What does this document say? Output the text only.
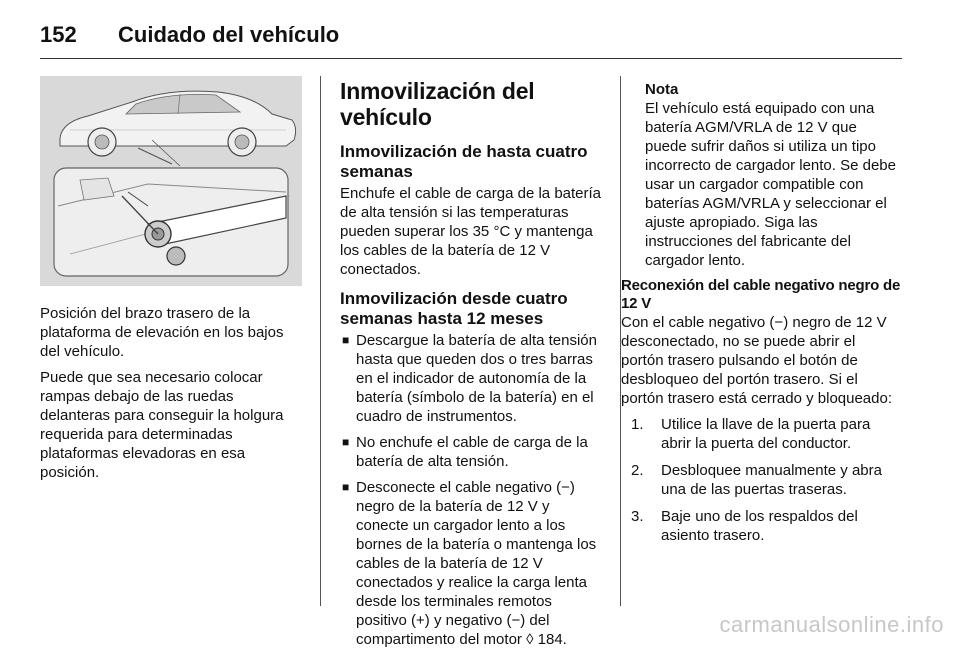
152 Cuidado del vehículo

Posición del brazo trasero de la plataforma de elevación en los bajos del vehículo.

Puede que sea necesario colocar rampas debajo de las ruedas delanteras para conseguir la holgura requerida para determinadas plataformas elevadoras en esa posición.

Inmovilización del vehículo
Inmovilización de hasta cuatro semanas

Enchufe el cable de carga de la batería de alta tensión si las temperaturas pueden superar los 35 °C y mantenga los cables de la batería de 12 V conectados.

Inmovilización desde cuatro semanas hasta 12 meses
■ Descargue la batería de alta tensión hasta que queden dos o tres barras en el indicador de autonomía de la batería (símbolo de la batería) en el cuadro de instrumentos.
■ No enchufe el cable de carga de la batería de alta tensión.
■ Desconecte el cable negativo (−) negro de la batería de 12 V y conecte un cargador lento a los bornes de la batería o mantenga los cables de la batería de 12 V conectados y realice la carga lenta desde los terminales remotos positivo (+) y negativo (−) del compartimento del motor ◊ 184.
Nota

El vehículo está equipado con una batería AGM/VRLA de 12 V que puede sufrir daños si utiliza un tipo incorrecto de cargador lento. Se debe usar un cargador compatible con baterías AGM/VRLA y seleccionar el ajuste apropiado. Siga las instrucciones del fabricante del cargador lento.

Reconexión del cable negativo negro de 12 V

Con el cable negativo (−) negro de 12 V desconectado, no se puede abrir el portón trasero pulsando el botón de desbloqueo del portón trasero. Si el portón trasero está cerrado y bloqueado:

1. Utilice la llave de la puerta para abrir la puerta del conductor.
2. Desbloquee manualmente y abra una de las puertas traseras.
3. Baje uno de los respaldos del asiento trasero.
carmanualsonline.info
